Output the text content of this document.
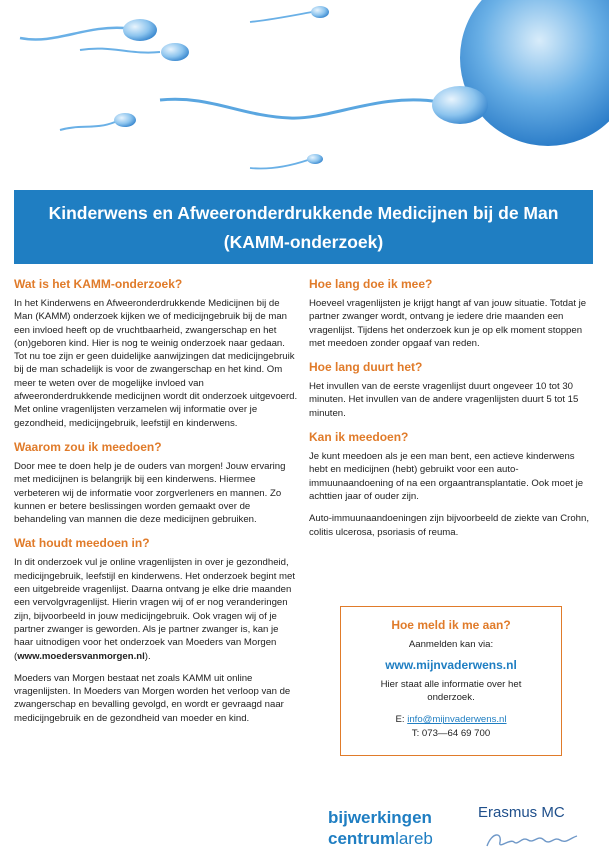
Kinderwens en Afweeronderdrukkende Medicijnen bij de Man
(KAMM-onderzoek)
Wat is het KAMM-onderzoek?

In het Kinderwens en Afweeronderdrukkende Medicijnen bij de Man (KAMM) onderzoek kijken we of medicijngebruik bij de man een invloed heeft op de vruchtbaarheid, zwangerschap en het (on)geboren kind. Hier is nog te weinig onderzoek naar gedaan. Tot nu toe zijn er geen duidelijke aanwijzingen dat medicijngebruik bij de man schadelijk is voor de zwangerschap en het kind. Om meer te weten over de mogelijke invloed van afweeronderdrukkende medicijnen wordt dit onderzoek uitgevoerd. Met online vragenlijsten verzamelen wij informatie over je gezondheid, medicijngebruik, leefstijl en kinderwens.

Waarom zou ik meedoen?

Door mee te doen help je de ouders van morgen! Jouw ervaring met medicijnen is belangrijk bij een kinderwens. Hiermee verbeteren wij de informatie voor zorgverleners en mannen. Zo kunnen er betere beslissingen worden gemaakt over de behandeling van mannen die deze medicijnen gebruiken.

Wat houdt meedoen in?

In dit onderzoek vul je online vragenlijsten in over je gezondheid, medicijngebruik, leefstijl en kinderwens. Het onderzoek begint met een uitgebreide vragenlijst. Daarna ontvang je elke drie maanden een vervolgvragenlijst. Hierin vragen wij of er nog veranderingen zijn, bijvoorbeeld in jouw medicijngebruik. Ook vragen wij of je partner zwanger is geworden. Als je partner zwanger is, kan je haar uitnodigen voor het onderzoek van Moeders van Morgen (www.moedersvanmorgen.nl).

Moeders van Morgen bestaat net zoals KAMM uit online vragenlijsten. In Moeders van Morgen worden het verloop van de zwangerschap en bevalling gevolgd, en wordt er gevraagd naar medicijngebruik en de gezondheid van moeder en kind.

Hoe lang doe ik mee?

Hoeveel vragenlijsten je krijgt hangt af van jouw situatie. Totdat je partner zwanger wordt, ontvang je iedere drie maanden een vragenlijst. Tijdens het onderzoek kun je op elk moment stoppen met meedoen zonder opgaaf van reden.

Hoe lang duurt het?

Het invullen van de eerste vragenlijst duurt ongeveer 10 tot 30 minuten. Het invullen van de andere vragenlijsten duurt 5 tot 15 minuten.

Kan ik meedoen?

Je kunt meedoen als je een man bent, een actieve kinderwens hebt en medicijnen (hebt) gebruikt voor een auto-immuunaandoening of na een orgaantransplantatie. Ook moet je achttien jaar of ouder zijn.

Auto-immuunaandoeningen zijn bijvoorbeeld de ziekte van Crohn, colitis ulcerosa, psoriasis of reuma.

Hoe meld ik me aan?
Aanmelden kan via:
www.mijnvaderwens.nl
Hier staat alle informatie over het onderzoek.
E: info@mijnvaderwens.nl
T: 073—64 69 700
bijwerkingen
centrumlareb
Erasmus MC
